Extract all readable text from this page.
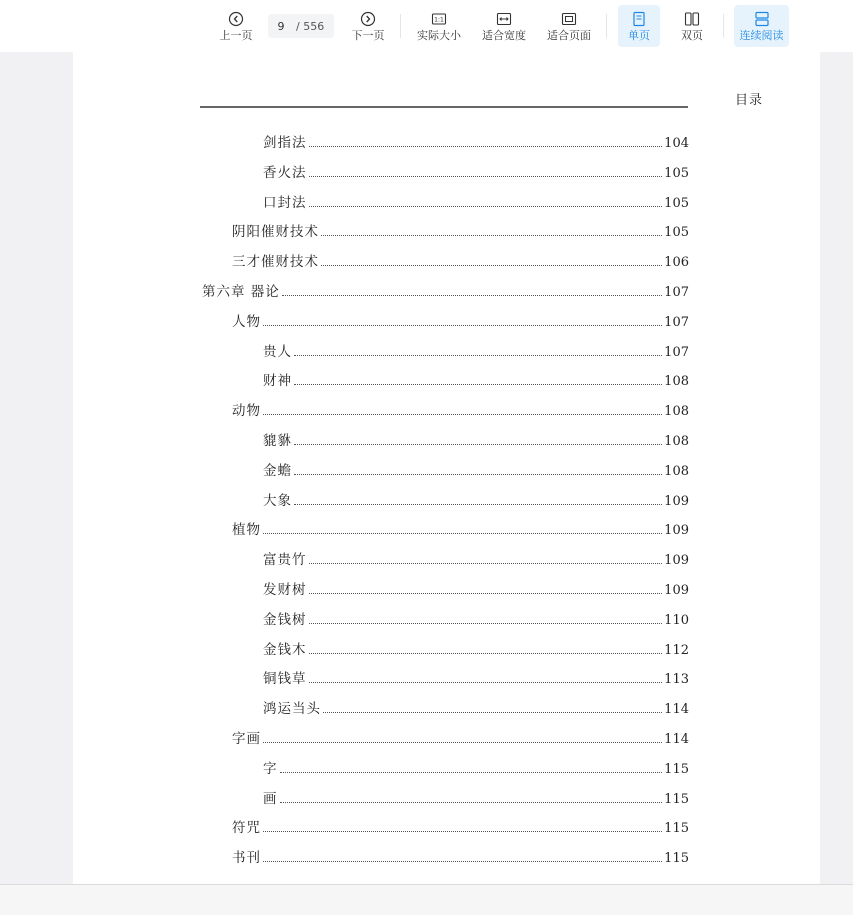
上一页
9
/ 556
下一页
1:1
实际大小 适合宽度 适合页面	单页	双页	连续阅读
目录
剑指法	104
香火法	105
口封法	105
阴阳催财技术	105
三才催财技术	106
第六章 器论	107
人物	107
贵人	107
财神	108
动物	108
貔貅	108
金蟾	108
大象	109
植物	109
富贵竹	109
发财树	109
金钱树	110
金钱木	112
铜钱草	113
鸿运当头	114
字画	114
字	115
画	115
符咒	115
书刊	115
